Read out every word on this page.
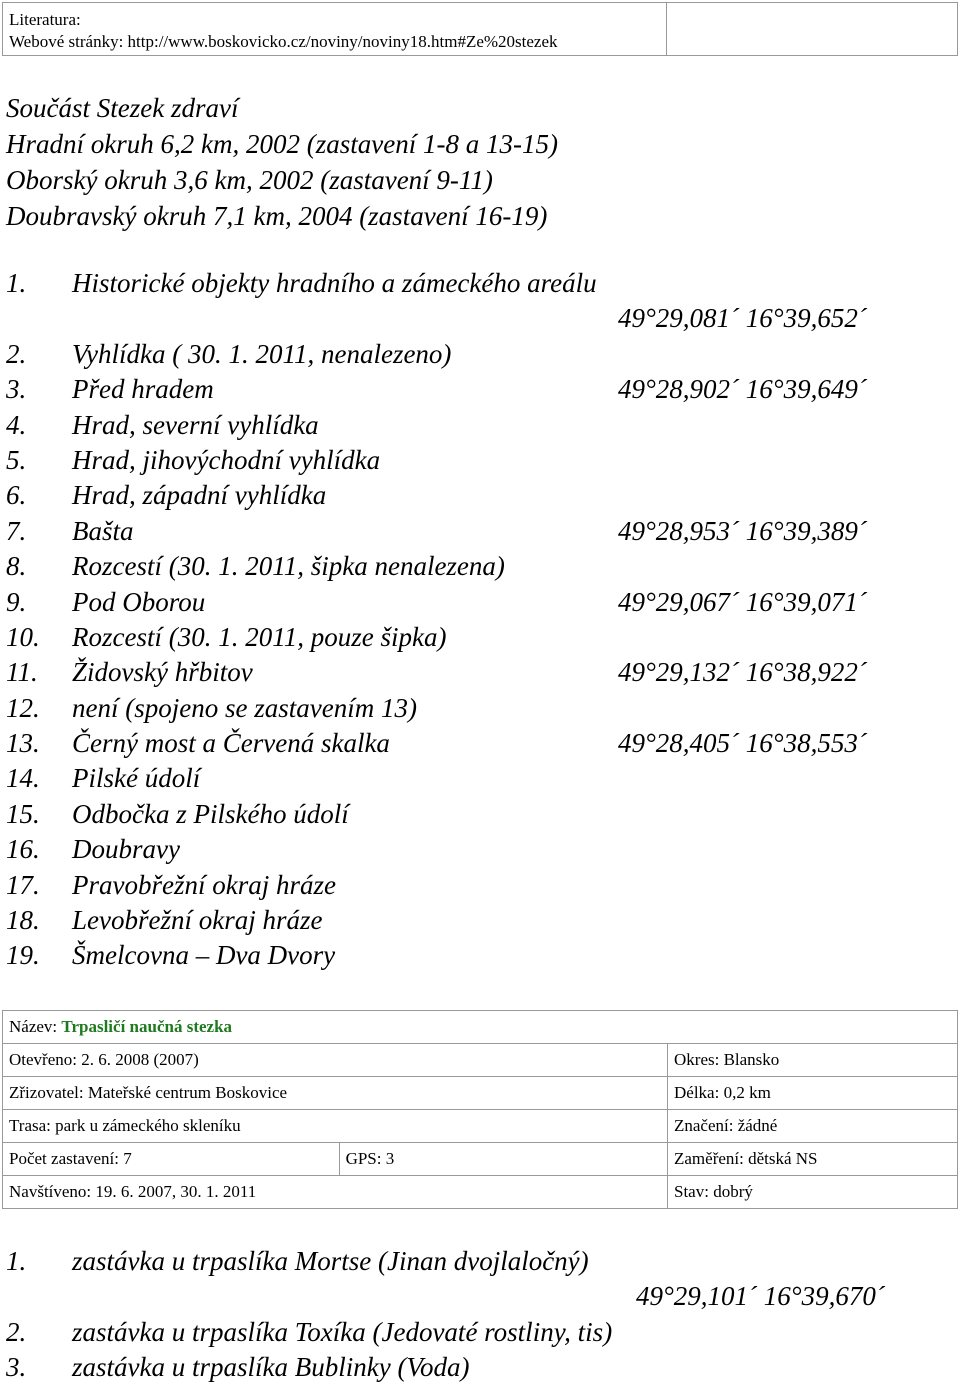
Literatura:
Webové stránky: http://www.boskovicko.cz/noviny/noviny18.htm#Ze%20stezek
Součást Stezek zdraví
Hradní okruh 6,2 km, 2002 (zastavení 1-8 a 13-15)
Oborský okruh 3,6 km, 2002 (zastavení 9-11)
Doubravský okruh 7,1 km, 2004 (zastavení 16-19)
1. Historické objekty hradního a zámeckého areálu
49°29,081´ 16°39,652´
2. Vyhlídka ( 30. 1. 2011, nenalezeno)
3. Před hradem	49°28,902´ 16°39,649´
4. Hrad, severní vyhlídka
5. Hrad, jihovýchodní vyhlídka
6. Hrad, západní vyhlídka
7. Bašta	49°28,953´ 16°39,389´
8. Rozcestí (30. 1. 2011, šipka nenalezena)
9. Pod Oborou	49°29,067´ 16°39,071´
10. Rozcestí (30. 1. 2011, pouze šipka)
11. Židovský hřbitov	49°29,132´ 16°38,922´
12. není (spojeno se zastavením 13)
13. Černý most a Červená skalka	49°28,405´ 16°38,553´
14. Pilské údolí
15. Odbočka z Pilského údolí
16. Doubravy
17. Pravobřežní okraj hráze
18. Levobřežní okraj hráze
19. Šmelcovna – Dva Dvory
Název: Trpasličí naučná stezka		
Otevřeno: 2. 6. 2008 (2007)		Okres: Blansko
Zřizovatel: Mateřské centrum Boskovice		Délka: 0,2 km
Trasa: park u zámeckého skleníku		Značení: žádné
Počet zastavení: 7	GPS: 3	Zaměření: dětská NS
Navštíveno: 19. 6. 2007, 30. 1. 2011		Stav: dobrý
1. zastávka u trpaslíka Mortse (Jinan dvojlaločný)
49°29,101´ 16°39,670´
2. zastávka u trpaslíka Toxíka (Jedovaté rostliny, tis)
3. zastávka u trpaslíka Bublinky (Voda)
